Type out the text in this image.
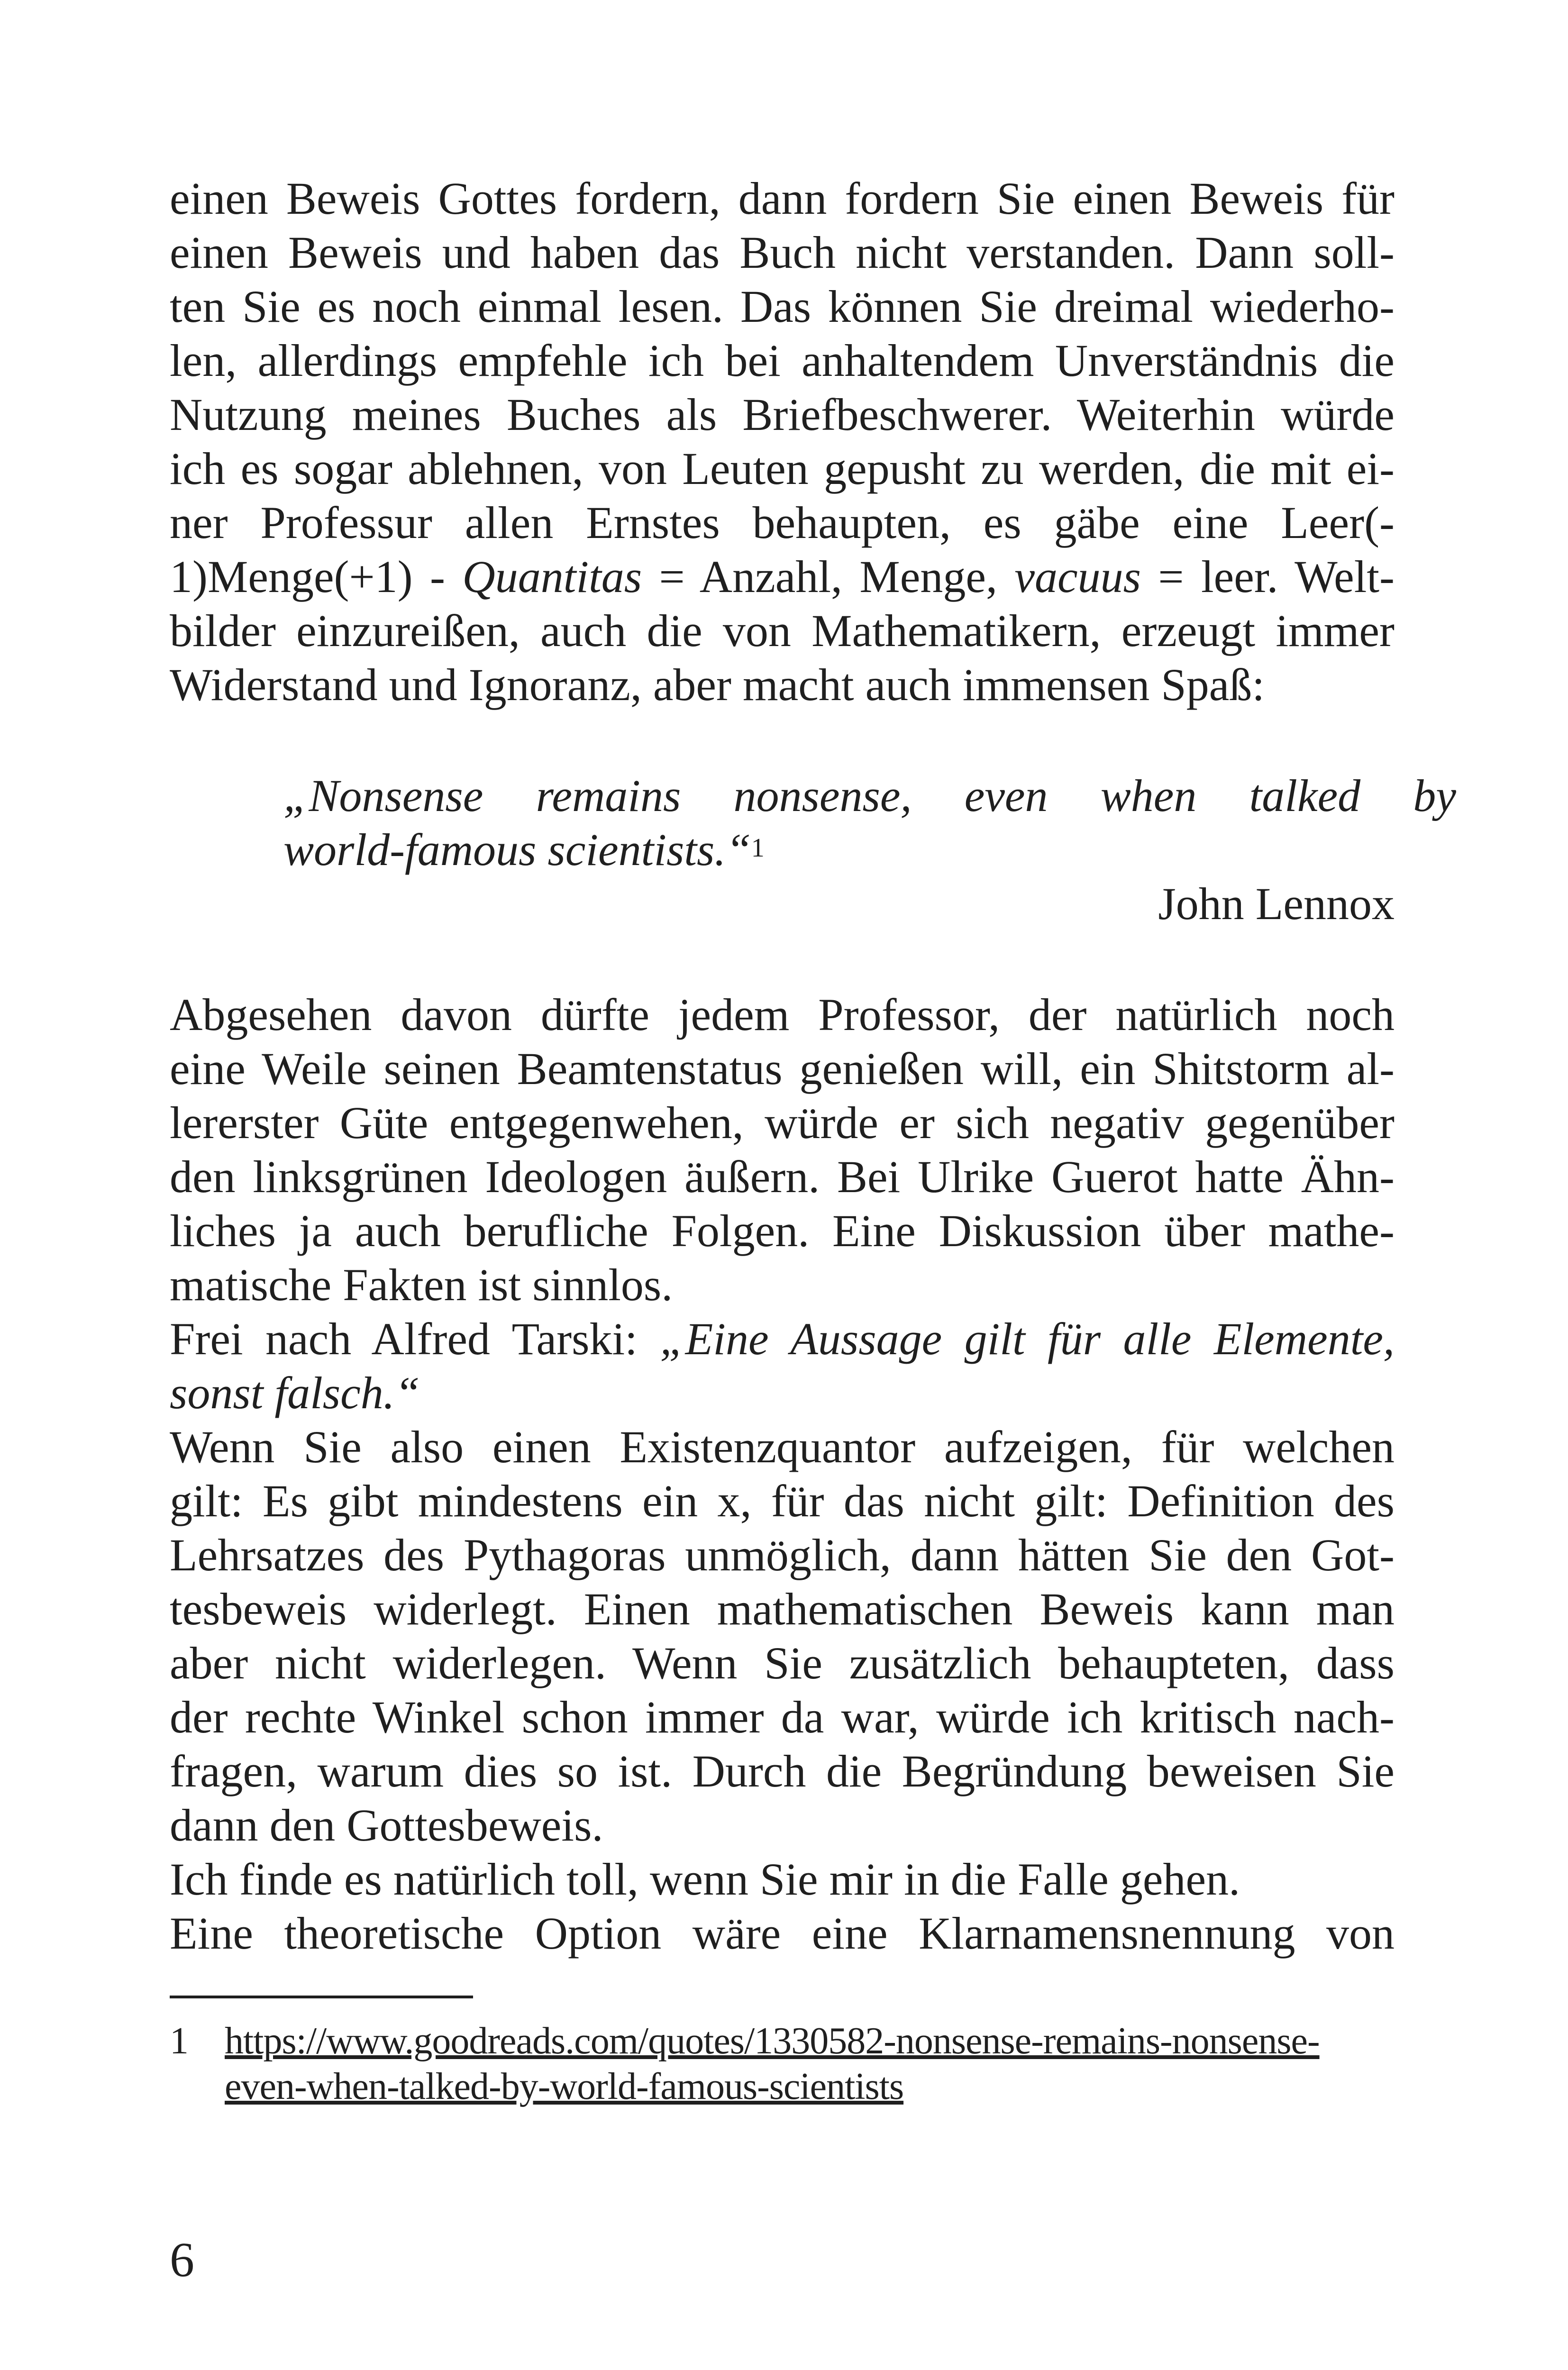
einen Beweis Gottes fordern, dann fordern Sie einen Beweis für
einen Beweis und haben das Buch nicht verstanden. Dann soll-
ten Sie es noch einmal lesen. Das können Sie dreimal wiederho-
len, allerdings empfehle ich bei anhaltendem Unverständnis die
Nutzung meines Buches als Briefbeschwerer. Weiterhin würde
ich es sogar ablehnen, von Leuten gepusht zu werden, die mit ei-
ner Professur allen Ernstes behaupten, es gäbe eine Leer(-
1)Menge(+1) - Quantitas = Anzahl, Menge, vacuus = leer. Welt-
bilder einzureißen, auch die von Mathematikern, erzeugt immer
Widerstand und Ignoranz, aber macht auch immensen Spaß:
„Nonsense remains nonsense, even when talked by
world-famous scientists.“$^1$
John Lennox
Abgesehen davon dürfte jedem Professor, der natürlich noch
eine Weile seinen Beamtenstatus genießen will, ein Shitstorm al-
lererster Güte entgegenwehen, würde er sich negativ gegenüber
den linksgrünen Ideologen äußern. Bei Ulrike Guerot hatte Ähn-
liches ja auch berufliche Folgen. Eine Diskussion über mathe-
matische Fakten ist sinnlos.
Frei nach Alfred Tarski: „Eine Aussage gilt für alle Elemente,
sonst falsch.“
Wenn Sie also einen Existenzquantor aufzeigen, für welchen
gilt: Es gibt mindestens ein x, für das nicht gilt: Definition des
Lehrsatzes des Pythagoras unmöglich, dann hätten Sie den Got-
tesbeweis widerlegt. Einen mathematischen Beweis kann man
aber nicht widerlegen. Wenn Sie zusätzlich behaupteten, dass
der rechte Winkel schon immer da war, würde ich kritisch nach-
fragen, warum dies so ist. Durch die Begründung beweisen Sie
dann den Gottesbeweis.
Ich finde es natürlich toll, wenn Sie mir in die Falle gehen.
Eine theoretische Option wäre eine Klarnamensnennung von
1 https://www.goodreads.com/quotes/1330582-nonsense-remains-nonsense-
even-when-talked-by-world-famous-scientists
6
